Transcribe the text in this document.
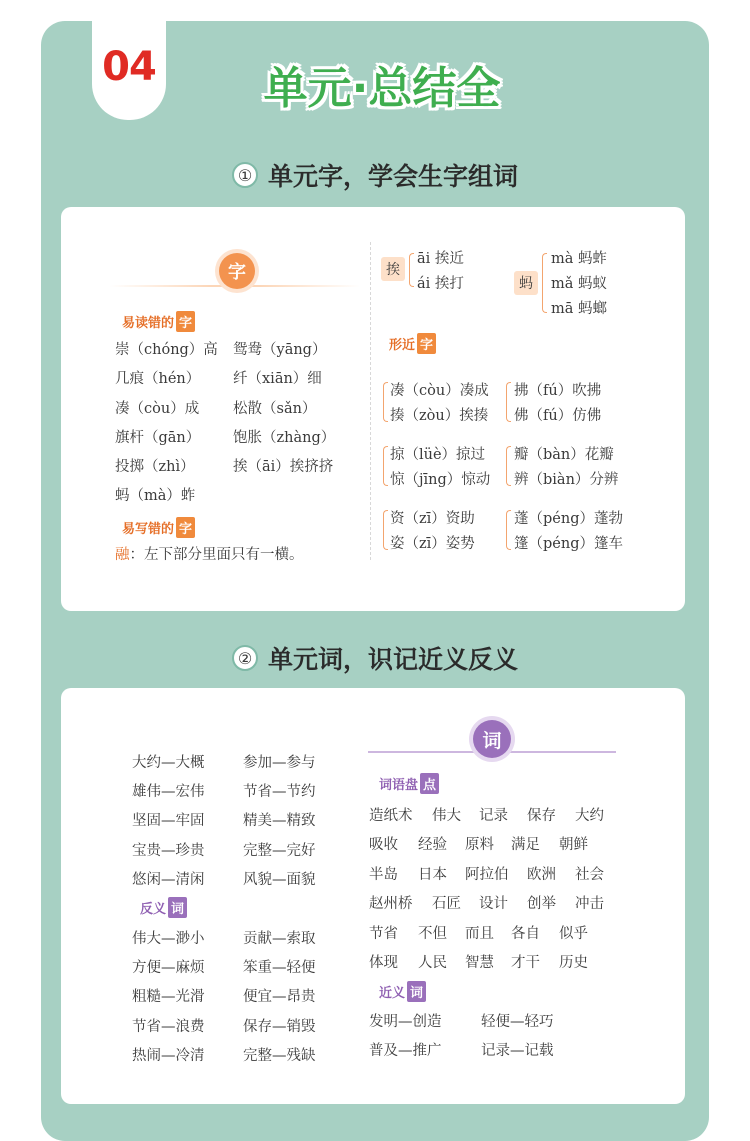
04	单元·总结全
① 单元字，学会生字组词
字
易读错的 字
崇（chóng）高 鸳鸯（yāng）
几痕（hén） 纤（xiān）细
凑（còu）成 松散（sǎn）
旗杆（gān） 饱胀（zhàng）
投掷（zhì）	挨（āi）挨挤挤
蚂（mà）蚱
易写错的 字
融：左下部分里面只有一横。
挨
āi 挨近
ái 挨打	蚂
mà 蚂蚱
mǎ 蚂蚁
mā 蚂螂
形近 字
凑（còu）凑成 拂（fú）吹拂
揍（zòu）挨揍 佛（fú）仿佛
掠（lüè）掠过 瓣（bàn）花瓣
惊（jīng）惊动 辨（biàn）分辨
资（zī）资助	蓬（péng）蓬勃
姿（zī）姿势	篷（péng）篷车
② 单元词，识记近义反义
词
大约—大概	参加—参与
雄伟—宏伟	节省—节约
坚固—牢固	精美—精致
宝贵—珍贵	完整—完好
悠闲—清闲	风貌—面貌
反义 词
伟大—渺小	贡献—索取
方便—麻烦	笨重—轻便
粗糙—光滑	便宜—昂贵
节省—浪费	保存—销毁
热闹—冷清	完整—残缺
词语盘 点
造纸术 伟大 记录 保存 大约
吸收 经验 原料 满足 朝鲜
半岛 日本 阿拉伯 欧洲 社会
赵州桥 石匠 设计 创举 冲击
节省 不但 而且 各自 似乎
体现 人民 智慧 才干 历史
近义 词
发明—创造	轻便—轻巧
普及—推广	记录—记载
